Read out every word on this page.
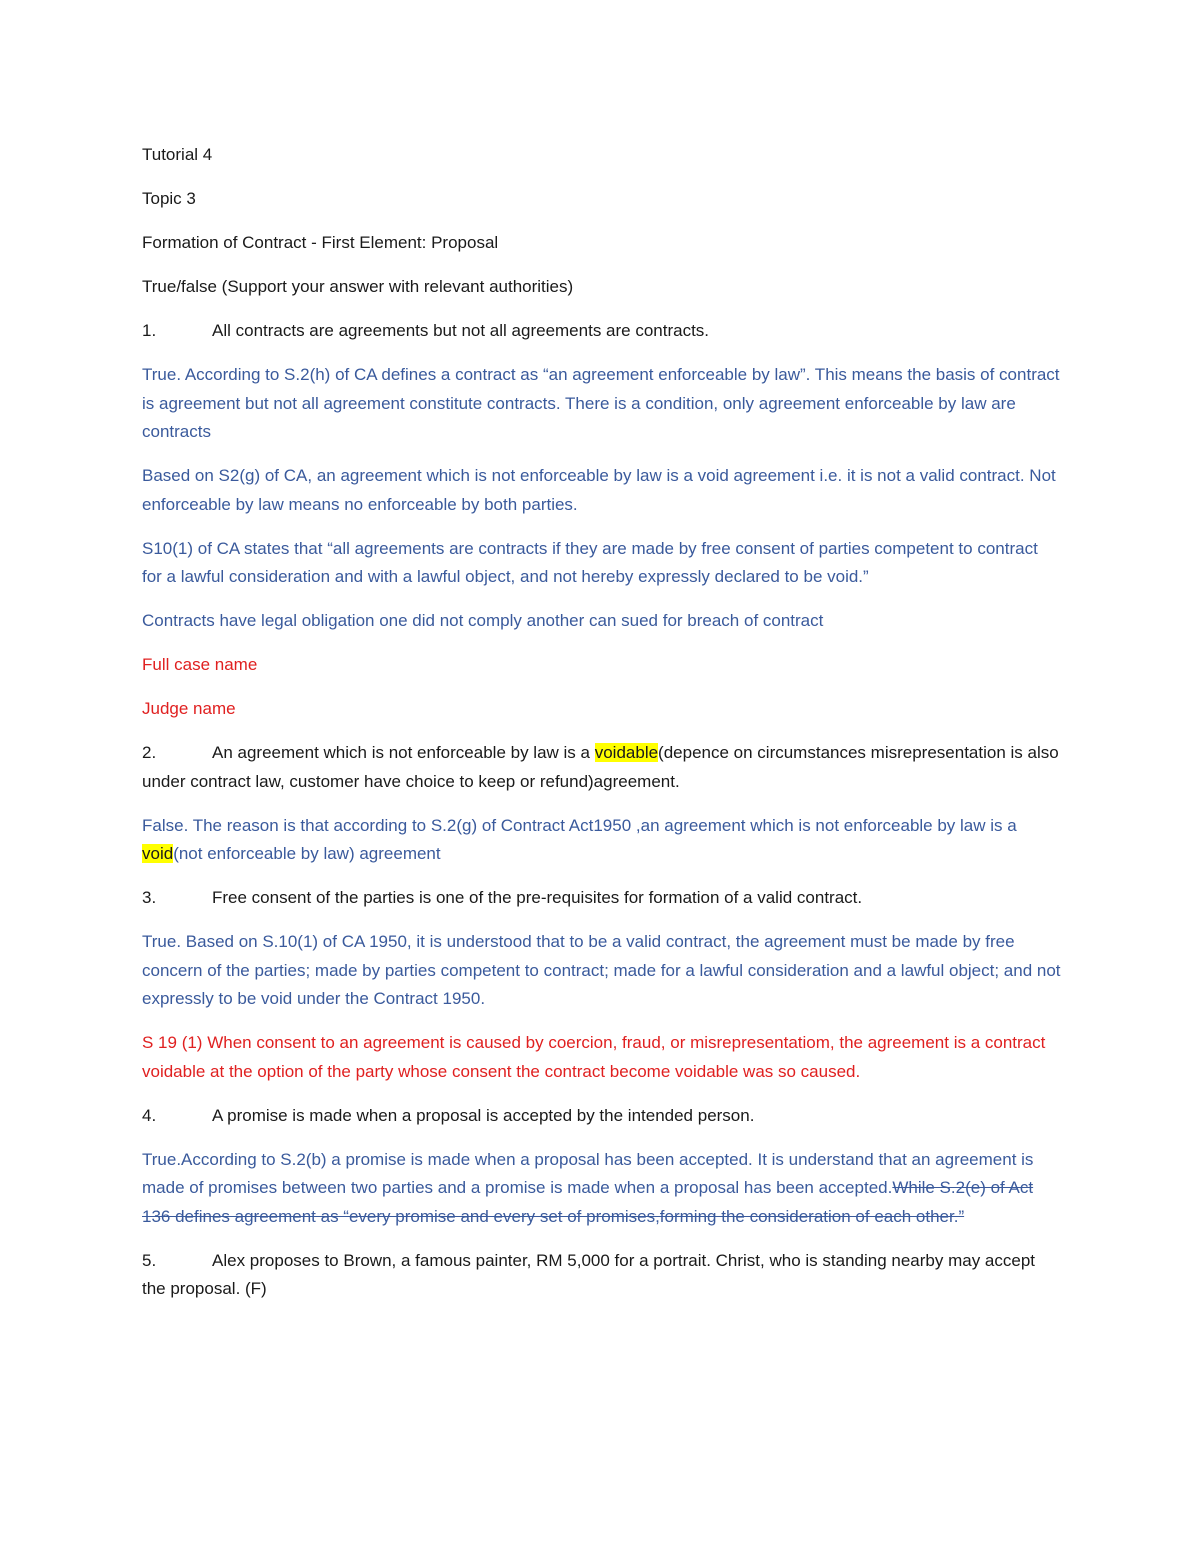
Tutorial 4

Topic 3

Formation of Contract - First Element: Proposal

True/false (Support your answer with relevant authorities)

1.	All contracts are agreements but not all agreements are contracts.

True. According to S.2(h) of CA defines a contract as “an agreement enforceable by law”. This means the basis of contract is agreement but not all agreement constitute contracts. There is a condition, only agreement enforceable by law are contracts

Based on S2(g) of CA, an agreement which is not enforceable by law is a void agreement i.e. it is not a valid contract. Not enforceable by law means no enforceable by both parties.

S10(1) of CA states that “all agreements are contracts if they are made by free consent of parties competent to contract for a lawful consideration and with a lawful object, and not hereby expressly declared to be void.”

Contracts have legal obligation one did not comply another can sued for breach of contract

Full case name

Judge name

2.	An agreement which is not enforceable by law is a voidable(depence on circumstances misrepresentation is also under contract law, customer have choice to keep or refund)agreement.

False. The reason is that according to S.2(g) of Contract Act1950 ,an agreement which is not enforceable by law is a void(not enforceable by law) agreement

3.	Free consent of the parties is one of the pre-requisites for formation of a valid contract.

True. Based on S.10(1) of CA 1950, it is understood that to be a valid contract, the agreement must be made by free concern of the parties; made by parties competent to contract; made for a lawful consideration and a lawful object; and not expressly to be void under the Contract 1950.

S 19 (1) When consent to an agreement is caused by coercion, fraud, or misrepresentatiom, the agreement is a contract voidable at the option of the party whose consent the contract become voidable was so caused.

4.	A promise is made when a proposal is accepted by the intended person.

True.According to S.2(b) a promise is made when a proposal has been accepted. It is understand that an agreement is made of promises between two parties and a promise is made when a proposal has been accepted.While S.2(e) of Act 136 defines agreement as “every promise and every set of promises,forming the consideration of each other.”

5.	Alex proposes to Brown, a famous painter, RM 5,000 for a portrait. Christ, who is standing nearby may accept the proposal. (F)
